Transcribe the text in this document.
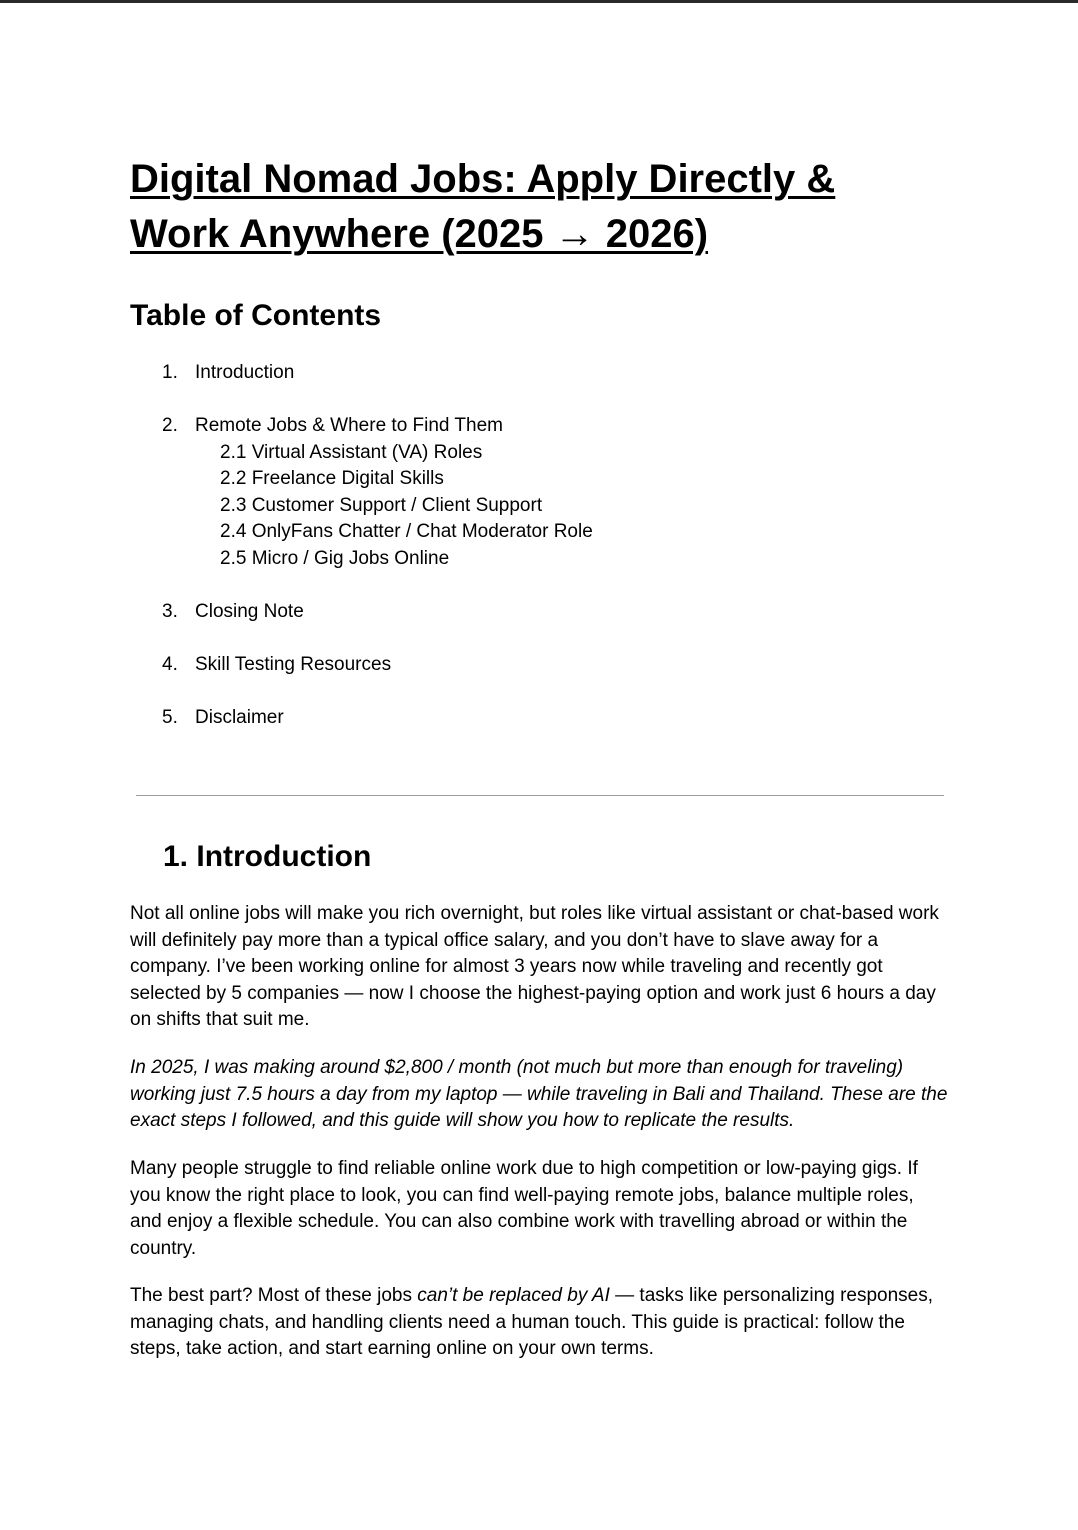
Digital Nomad Jobs: Apply Directly & Work Anywhere (2025 → 2026)
Table of Contents
1. Introduction
2. Remote Jobs & Where to Find Them
2.1 Virtual Assistant (VA) Roles
2.2 Freelance Digital Skills
2.3 Customer Support / Client Support
2.4 OnlyFans Chatter / Chat Moderator Role
2.5 Micro / Gig Jobs Online
3. Closing Note
4. Skill Testing Resources
5. Disclaimer
1. Introduction

Not all online jobs will make you rich overnight, but roles like virtual assistant or chat-based work will definitely pay more than a typical office salary, and you don’t have to slave away for a company. I’ve been working online for almost 3 years now while traveling and recently got selected by 5 companies — now I choose the highest-paying option and work just 6 hours a day on shifts that suit me.

In 2025, I was making around $2,800 / month (not much but more than enough for traveling) working just 7.5 hours a day from my laptop — while traveling in Bali and Thailand. These are the exact steps I followed, and this guide will show you how to replicate the results.

Many people struggle to find reliable online work due to high competition or low-paying gigs. If you know the right place to look, you can find well-paying remote jobs, balance multiple roles, and enjoy a flexible schedule. You can also combine work with travelling abroad or within the country.

The best part? Most of these jobs can’t be replaced by AI — tasks like personalizing responses, managing chats, and handling clients need a human touch. This guide is practical: follow the steps, take action, and start earning online on your own terms.
